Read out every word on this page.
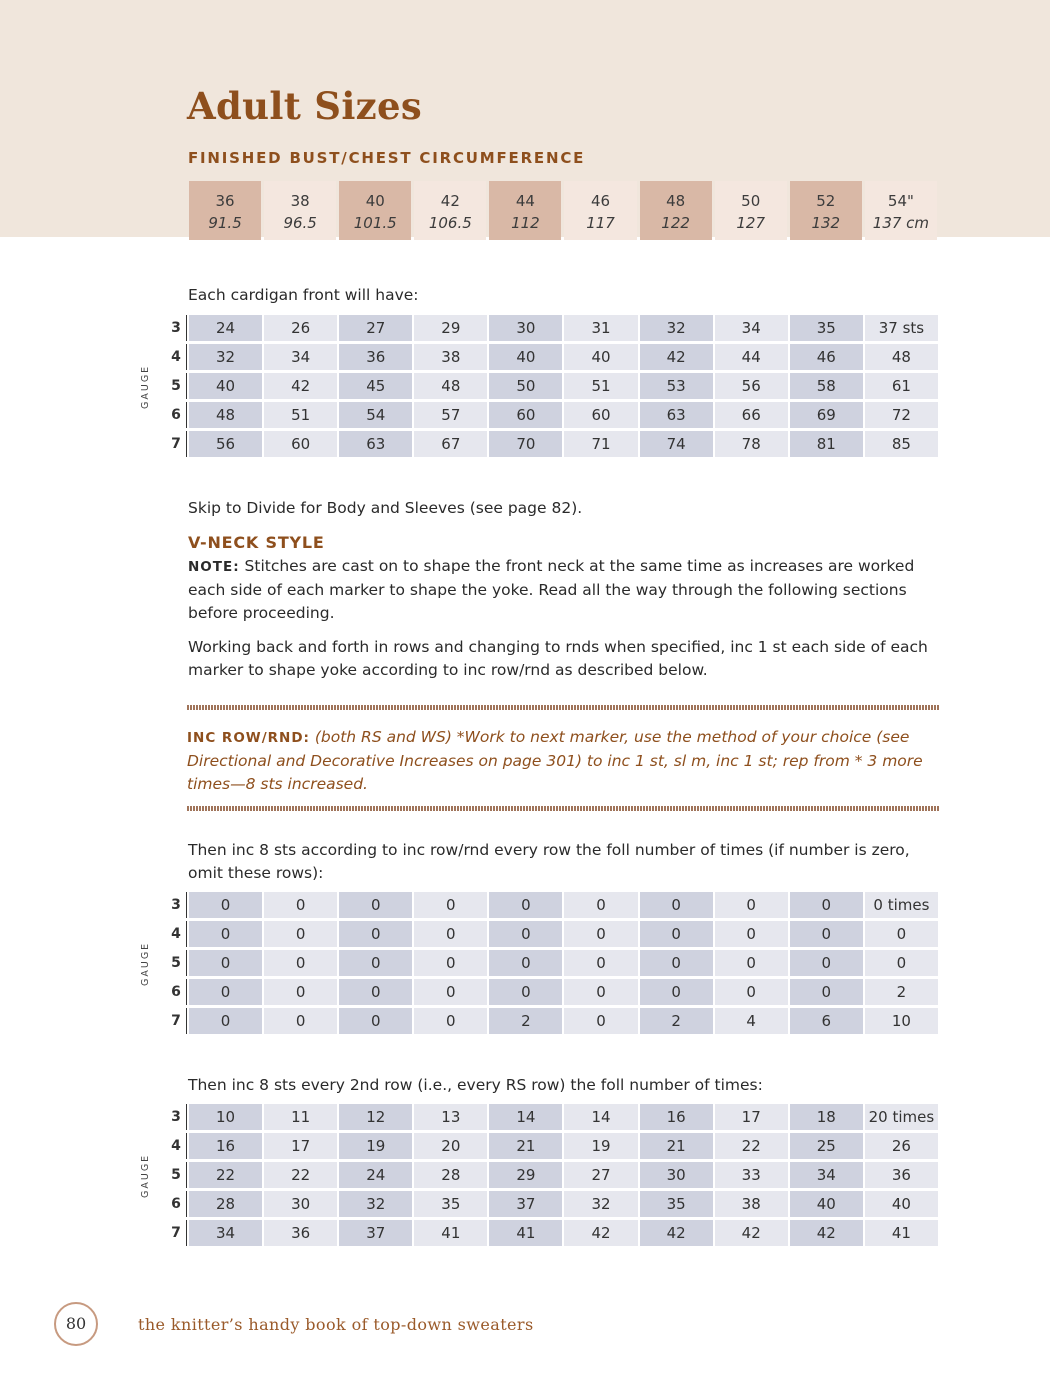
Adult Sizes
FINISHED BUST/CHEST CIRCUMFERENCE
36	38	40	42	44	46	48	50	52	54"
91.5	96.5	101.5	106.5	112	117	122	127	132	137 cm

Each cardigan front will have:

GAUGE
3	24	26	27	29	30	31	32	34	35	37 sts
4	32	34	36	38	40	40	42	44	46	48
5	40	42	45	48	50	51	53	56	58	61
6	48	51	54	57	60	60	63	66	69	72
7	56	60	63	67	70	71	74	78	81	85

Skip to Divide for Body and Sleeves (see page 82).

V-NECK STYLE

NOTE: Stitches are cast on to shape the front neck at the same time as increases are worked each side of each marker to shape the yoke. Read all the way through the following sections before proceeding.

Working back and forth in rows and changing to rnds when specified, inc 1 st each side of each marker to shape yoke according to inc row/rnd as described below.

INC ROW/RND: (both RS and WS) *Work to next marker, use the method of your choice (see Directional and Decorative Increases on page 301) to inc 1 st, sl m, inc 1 st; rep from * 3 more times—8 sts increased.

Then inc 8 sts according to inc row/rnd every row the foll number of times (if number is zero, omit these rows):

GAUGE
3	0	0	0	0	0	0	0	0	0	0 times
4	0	0	0	0	0	0	0	0	0	0
5	0	0	0	0	0	0	0	0	0	0
6	0	0	0	0	0	0	0	0	0	2
7	0	0	0	0	2	0	2	4	6	10

Then inc 8 sts every 2nd row (i.e., every RS row) the foll number of times:

GAUGE
3	10	11	12	13	14	14	16	17	18	20 times
4	16	17	19	20	21	19	21	22	25	26
5	22	22	24	28	29	27	30	33	34	36
6	28	30	32	35	37	32	35	38	40	40
7	34	36	37	41	41	42	42	42	42	41
80	the knitter’s handy book of top-down sweaters
